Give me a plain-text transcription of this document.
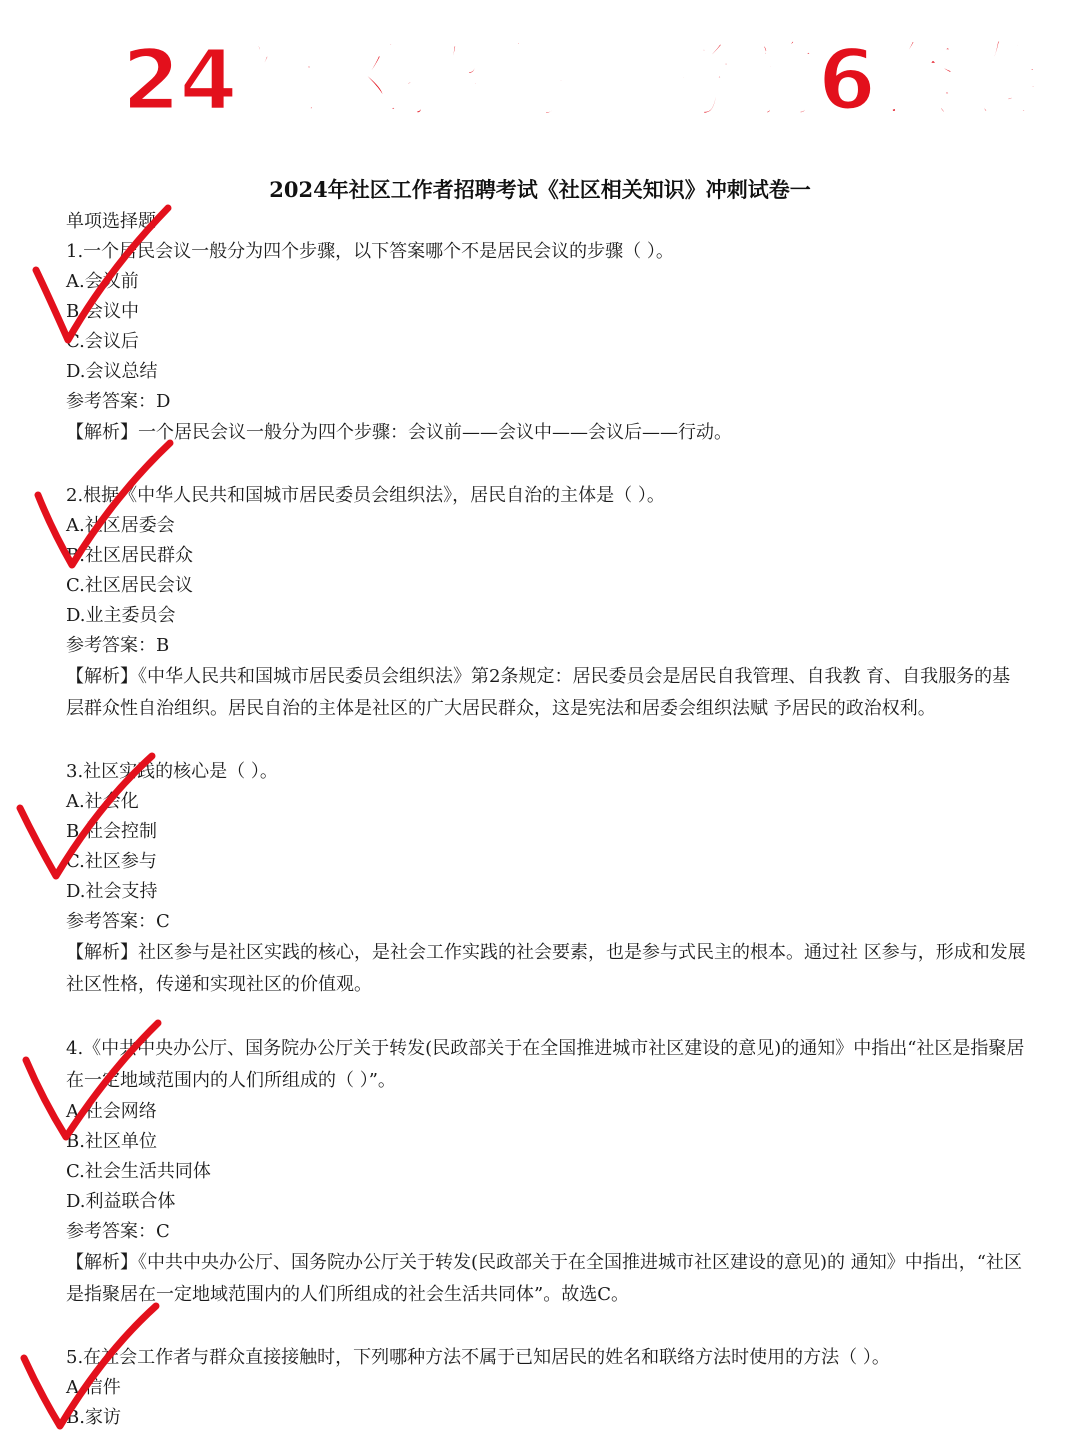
《24社区招聘》考前6套卷
2024年社区工作者招聘考试《社区相关知识》冲刺试卷一
单项选择题
1.一个居民会议一般分为四个步骤，以下答案哪个不是居民会议的步骤（ ）。
A.会议前
B.会议中
C.会议后
D.会议总结
参考答案：D

【解析】一个居民会议一般分为四个步骤：会议前——会议中——会议后——行动。

2.根据《中华人民共和国城市居民委员会组织法》，居民自治的主体是（ ）。
A.社区居委会
B.社区居民群众
C.社区居民会议
D.业主委员会
参考答案：B

【解析】《中华人民共和国城市居民委员会组织法》第2条规定：居民委员会是居民自我管理、自我教 育、自我服务的基层群众性自治组织。居民自治的主体是社区的广大居民群众，这是宪法和居委会组织法赋 予居民的政治权利。

3.社区实践的核心是（ ）。
A.社会化
B.社会控制
C.社区参与
D.社会支持
参考答案：C

【解析】社区参与是社区实践的核心，是社会工作实践的社会要素，也是参与式民主的根本。通过社 区参与，形成和发展社区性格，传递和实现社区的价值观。

4.《中共中央办公厅、国务院办公厅关于转发(民政部关于在全国推进城市社区建设的意见)的通知》中指出“社区是指聚居在一定地域范围内的人们所组成的（ ）”。

A.社会网络
B.社区单位
C.社会生活共同体
D.利益联合体
参考答案：C

【解析】《中共中央办公厅、国务院办公厅关于转发(民政部关于在全国推进城市社区建设的意见)的 通知》中指出，“社区是指聚居在一定地域范围内的人们所组成的社会生活共同体”。故选C。

5.在社会工作者与群众直接接触时，下列哪种方法不属于已知居民的姓名和联络方法时使用的方法（ ）。
A.信件
B.家访
